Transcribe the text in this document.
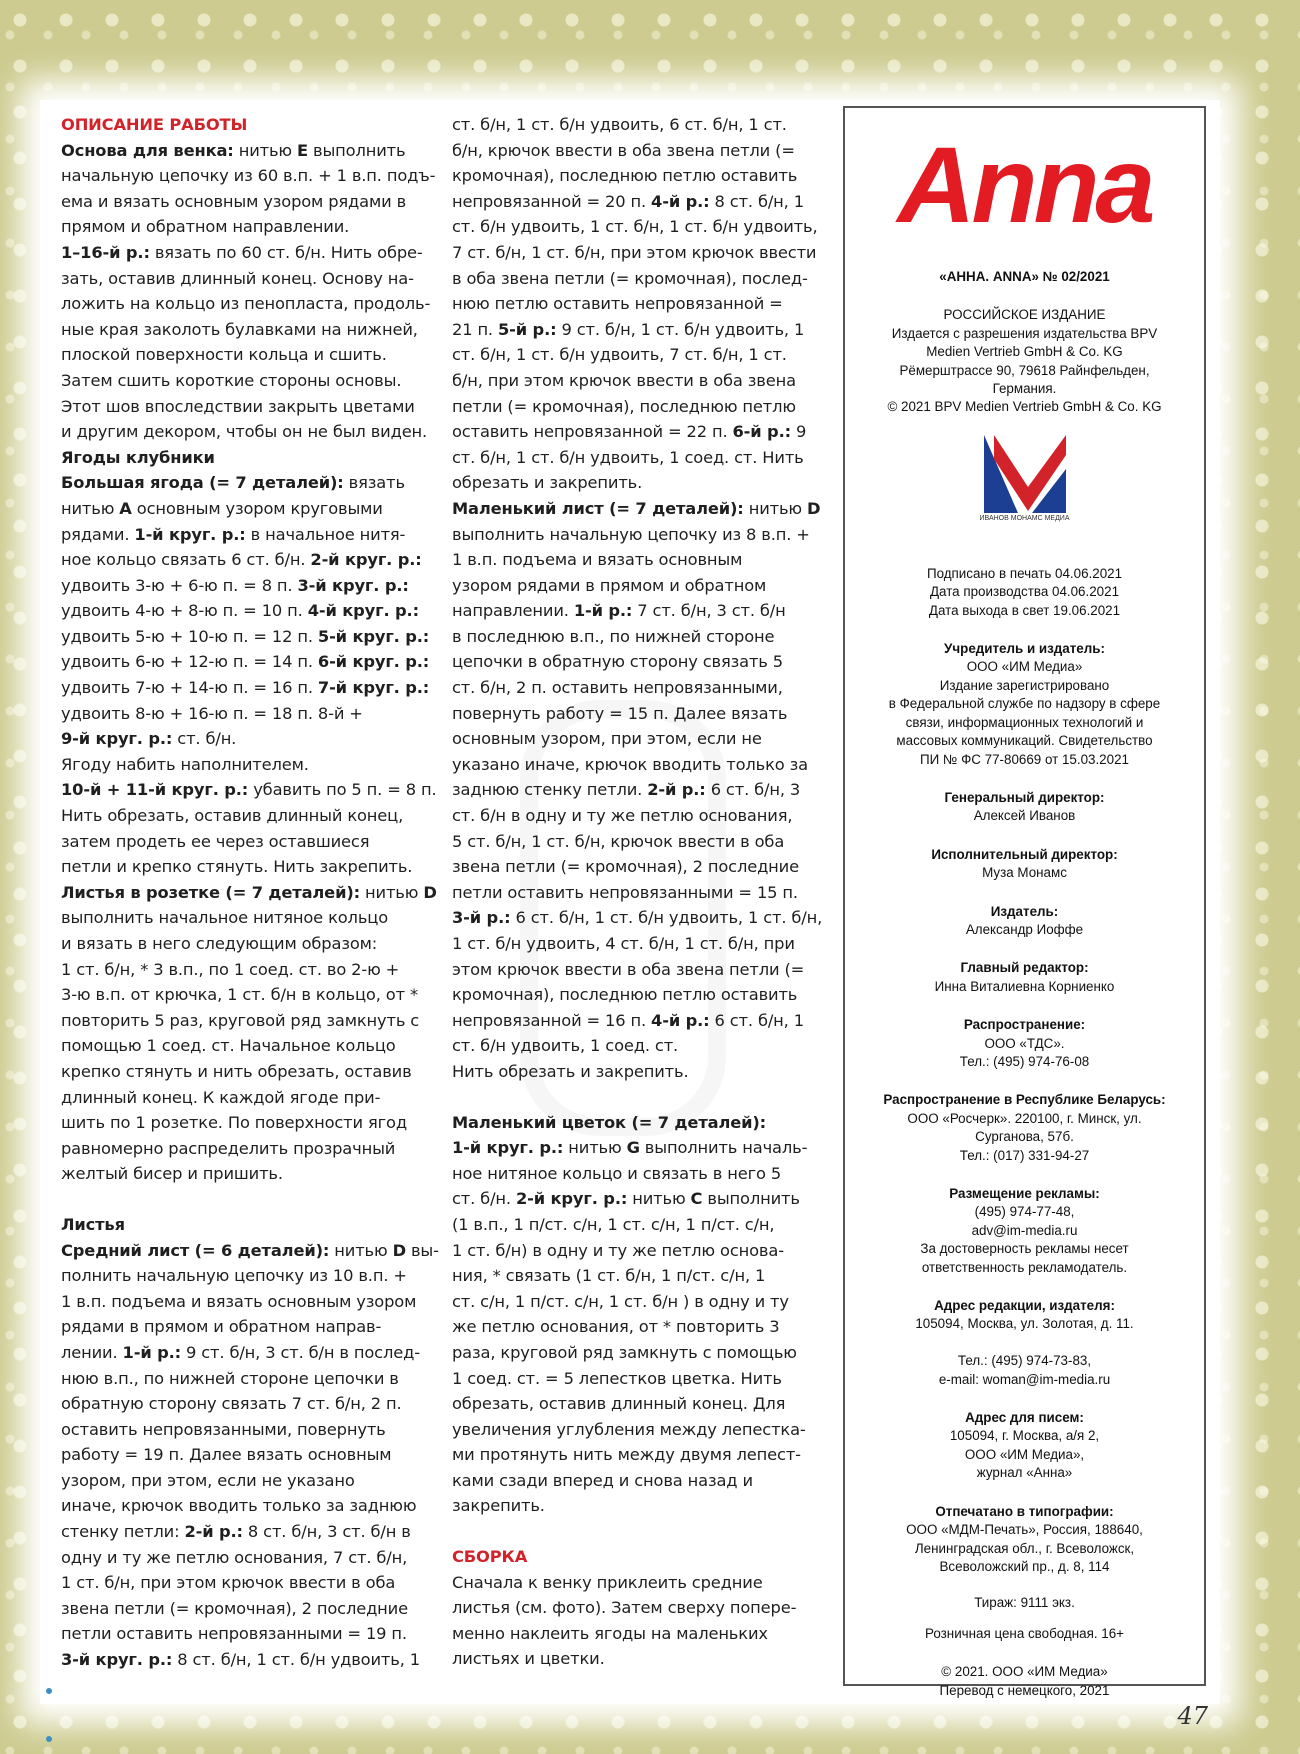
ОПИСАНИЕ РАБОТЫ
Основа для венка: нитью Е выполнить
начальную цепочку из 60 в.п. + 1 в.п. подъ-
ема и вязать основным узором рядами в
прямом и обратном направлении.
1–16-й р.: вязать по 60 ст. б/н. Нить обре-
зать, оставив длинный конец. Основу на-
ложить на кольцо из пенопласта, продоль-
ные края заколоть булавками на нижней,
плоской поверхности кольца и сшить.
Затем сшить короткие стороны основы.
Этот шов впоследствии закрыть цветами
и другим декором, чтобы он не был виден.
Ягоды клубники
Большая ягода (= 7 деталей): вязать
нитью А основным узором круговыми
рядами. 1-й круг. р.: в начальное нитя-
ное кольцо связать 6 ст. б/н. 2-й круг. р.:
удвоить 3-ю + 6-ю п. = 8 п. 3-й круг. р.:
удвоить 4-ю + 8-ю п. = 10 п. 4-й круг. р.:
удвоить 5-ю + 10-ю п. = 12 п. 5-й круг. р.:
удвоить 6-ю + 12-ю п. = 14 п. 6-й круг. р.:
удвоить 7-ю + 14-ю п. = 16 п. 7-й круг. р.:
удвоить 8-ю + 16-ю п. = 18 п. 8-й +
9-й круг. р.: ст. б/н.
Ягоду набить наполнителем.
10-й + 11-й круг. р.: убавить по 5 п. = 8 п.
Нить обрезать, оставив длинный конец,
затем продеть ее через оставшиеся
петли и крепко стянуть. Нить закрепить.
Листья в розетке (= 7 деталей): нитью D
выполнить начальное нитяное кольцо
и вязать в него следующим образом:
1 ст. б/н, * 3 в.п., по 1 соед. ст. во 2-ю +
3-ю в.п. от крючка, 1 ст. б/н в кольцо, от *
повторить 5 раз, круговой ряд замкнуть с
помощью 1 соед. ст. Начальное кольцо
крепко стянуть и нить обрезать, оставив
длинный конец. К каждой ягоде при-
шить по 1 розетке. По поверхности ягод
равномерно распределить прозрачный
желтый бисер и пришить.
Листья
Средний лист (= 6 деталей): нитью D вы-
полнить начальную цепочку из 10 в.п. +
1 в.п. подъема и вязать основным узором
рядами в прямом и обратном направ-
лении. 1-й р.: 9 ст. б/н, 3 ст. б/н в послед-
нюю в.п., по нижней стороне цепочки в
обратную сторону связать 7 ст. б/н, 2 п.
оставить непровязанными, повернуть
работу = 19 п. Далее вязать основным
узором, при этом, если не указано
иначе, крючок вводить только за заднюю
стенку петли: 2-й р.: 8 ст. б/н, 3 ст. б/н в
одну и ту же петлю основания, 7 ст. б/н,
1 ст. б/н, при этом крючок ввести в оба
звена петли (= кромочная), 2 последние
петли оставить непровязанными = 19 п.
3-й круг. р.: 8 ст. б/н, 1 ст. б/н удвоить, 1
ст. б/н, 1 ст. б/н удвоить, 6 ст. б/н, 1 ст.
б/н, крючок ввести в оба звена петли (=
кромочная), последнюю петлю оставить
непровязанной = 20 п. 4-й р.: 8 ст. б/н, 1
ст. б/н удвоить, 1 ст. б/н, 1 ст. б/н удвоить,
7 ст. б/н, 1 ст. б/н, при этом крючок ввести
в оба звена петли (= кромочная), послед-
нюю петлю оставить непровязанной =
21 п. 5-й р.: 9 ст. б/н, 1 ст. б/н удвоить, 1
ст. б/н, 1 ст. б/н удвоить, 7 ст. б/н, 1 ст.
б/н, при этом крючок ввести в оба звена
петли (= кромочная), последнюю петлю
оставить непровязанной = 22 п. 6-й р.: 9
ст. б/н, 1 ст. б/н удвоить, 1 соед. ст. Нить
обрезать и закрепить.
Маленький лист (= 7 деталей): нитью D
выполнить начальную цепочку из 8 в.п. +
1 в.п. подъема и вязать основным
узором рядами в прямом и обратном
направлении. 1-й р.: 7 ст. б/н, 3 ст. б/н
в последнюю в.п., по нижней стороне
цепочки в обратную сторону связать 5
ст. б/н, 2 п. оставить непровязанными,
повернуть работу = 15 п. Далее вязать
основным узором, при этом, если не
указано иначе, крючок вводить только за
заднюю стенку петли. 2-й р.: 6 ст. б/н, 3
ст. б/н в одну и ту же петлю основания,
5 ст. б/н, 1 ст. б/н, крючок ввести в оба
звена петли (= кромочная), 2 последние
петли оставить непровязанными = 15 п.
3-й р.: 6 ст. б/н, 1 ст. б/н удвоить, 1 ст. б/н,
1 ст. б/н удвоить, 4 ст. б/н, 1 ст. б/н, при
этом крючок ввести в оба звена петли (=
кромочная), последнюю петлю оставить
непровязанной = 16 п. 4-й р.: 6 ст. б/н, 1
ст. б/н удвоить, 1 соед. ст.
Нить обрезать и закрепить.
Маленький цветок (= 7 деталей):
1-й круг. р.: нитью G выполнить началь-
ное нитяное кольцо и связать в него 5
ст. б/н. 2-й круг. р.: нитью С выполнить
(1 в.п., 1 п/ст. с/н, 1 ст. с/н, 1 п/ст. с/н,
1 ст. б/н) в одну и ту же петлю основа-
ния, * связать (1 ст. б/н, 1 п/ст. с/н, 1
ст. с/н, 1 п/ст. с/н, 1 ст. б/н ) в одну и ту
же петлю основания, от * повторить 3
раза, круговой ряд замкнуть с помощью
1 соед. ст. = 5 лепестков цветка. Нить
обрезать, оставив длинный конец. Для
увеличения углубления между лепестка-
ми протянуть нить между двумя лепест-
ками сзади вперед и снова назад и
закрепить.
СБОРКА
Сначала к венку приклеить средние
листья (см. фото). Затем сверху попере-
менно наклеить ягоды на маленьких
листьях и цветки.
Anna
«АННА. ANNA» № 02/2021
РОССИЙСКОЕ ИЗДАНИЕ
Издается с разрешения издательства BPV
Medien Vertrieb GmbH & Co. KG
Рёмерштрассе 90, 79618 Райнфельден,
Германия.
© 2021 BPV Medien Vertrieb GmbH & Co. KG
ИВАНОВ МОНАМС МЕДИА
Подписано в печать 04.06.2021
Дата производства 04.06.2021
Дата выхода в свет 19.06.2021
Учредитель и издатель:
ООО «ИМ Медиа»
Издание зарегистрировано
в Федеральной службе по надзору в сфере
связи, информационных технологий и
массовых коммуникаций. Свидетельство
ПИ № ФС 77-80669 от 15.03.2021
Генеральный директор:
Алексей Иванов
Исполнительный директор:
Муза Монамс
Издатель:
Александр Иоффе
Главный редактор:
Инна Виталиевна Корниенко
Распространение:
ООО «ТДС».
Тел.: (495) 974-76-08
Распространение в Республике Беларусь:
ООО «Росчерк». 220100, г. Минск, ул.
Сурганова, 57б.
Тел.: (017) 331-94-27
Размещение рекламы:
(495) 974-77-48,
adv@im-media.ru
За достоверность рекламы несет
ответственность рекламодатель.
Адрес редакции, издателя:
105094, Москва, ул. Золотая, д. 11.

Тел.: (495) 974-73-83,
e-mail: woman@im-media.ru
Адрес для писем:
105094, г. Москва, а/я 2,
ООО «ИМ Медиа»,
журнал «Анна»
Отпечатано в типографии:
ООО «МДМ-Печать», Россия, 188640,
Ленинградская обл., г. Всеволожск,
Всеволожский пр., д. 8, 114
Тираж: 9111 экз.
Розничная цена свободная. 16+
© 2021. ООО «ИМ Медиа»
Перевод с немецкого, 2021
47
